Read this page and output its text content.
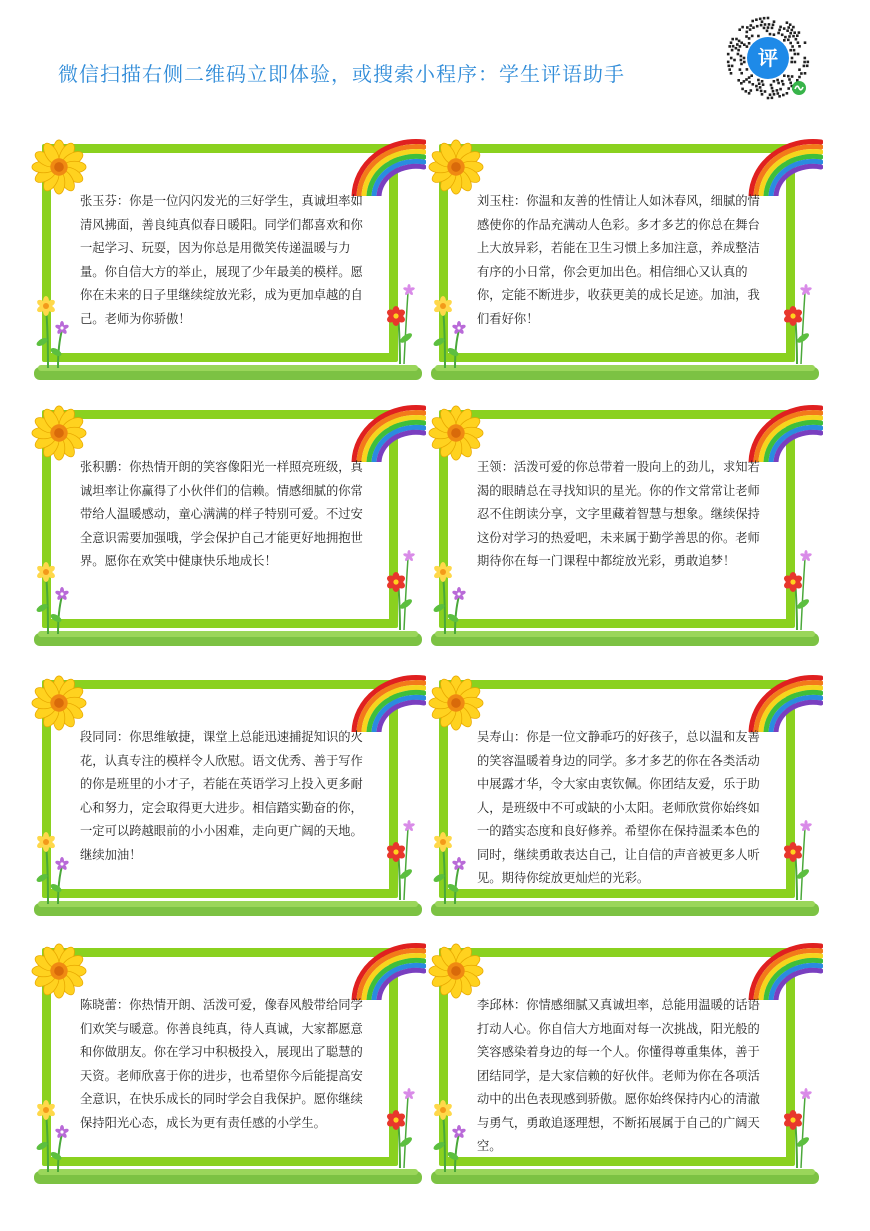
微信扫描右侧二维码立即体验，或搜索小程序：学生评语助手
评
张玉芬：你是一位闪闪发光的三好学生，真诚坦率如清风拂面，善良纯真似春日暖阳。同学们都喜欢和你一起学习、玩耍，因为你总是用微笑传递温暖与力量。你自信大方的举止，展现了少年最美的模样。愿你在未来的日子里继续绽放光彩，成为更加卓越的自己。老师为你骄傲！
刘玉柱：你温和友善的性情让人如沐春风，细腻的情感使你的作品充满动人色彩。多才多艺的你总在舞台上大放异彩，若能在卫生习惯上多加注意，养成整洁有序的小日常，你会更加出色。相信细心又认真的你，定能不断进步，收获更美的成长足迹。加油，我们看好你！
张积鹏：你热情开朗的笑容像阳光一样照亮班级，真诚坦率让你赢得了小伙伴们的信赖。情感细腻的你常带给人温暖感动，童心满满的样子特别可爱。不过安全意识需要加强哦，学会保护自己才能更好地拥抱世界。愿你在欢笑中健康快乐地成长！
王领：活泼可爱的你总带着一股向上的劲儿，求知若渴的眼睛总在寻找知识的星光。你的作文常常让老师忍不住朗读分享，文字里藏着智慧与想象。继续保持这份对学习的热爱吧，未来属于勤学善思的你。老师期待你在每一门课程中都绽放光彩，勇敢追梦！
段同同：你思维敏捷，课堂上总能迅速捕捉知识的火花，认真专注的模样令人欣慰。语文优秀、善于写作的你是班里的小才子，若能在英语学习上投入更多耐心和努力，定会取得更大进步。相信踏实勤奋的你，一定可以跨越眼前的小小困难，走向更广阔的天地。继续加油！
吴寿山：你是一位文静乖巧的好孩子，总以温和友善的笑容温暖着身边的同学。多才多艺的你在各类活动中展露才华，令大家由衷钦佩。你团结友爱，乐于助人，是班级中不可或缺的小太阳。老师欣赏你始终如一的踏实态度和良好修养。希望你在保持温柔本色的同时，继续勇敢表达自己，让自信的声音被更多人听见。期待你绽放更灿烂的光彩。
陈晓蕾：你热情开朗、活泼可爱，像春风般带给同学们欢笑与暖意。你善良纯真，待人真诚，大家都愿意和你做朋友。你在学习中积极投入，展现出了聪慧的天资。老师欣喜于你的进步，也希望你今后能提高安全意识，在快乐成长的同时学会自我保护。愿你继续保持阳光心态，成长为更有责任感的小学生。
李邱林：你情感细腻又真诚坦率，总能用温暖的话语打动人心。你自信大方地面对每一次挑战，阳光般的笑容感染着身边的每一个人。你懂得尊重集体，善于团结同学，是大家信赖的好伙伴。老师为你在各项活动中的出色表现感到骄傲。愿你始终保持内心的清澈与勇气，勇敢追逐理想，不断拓展属于自己的广阔天空。
